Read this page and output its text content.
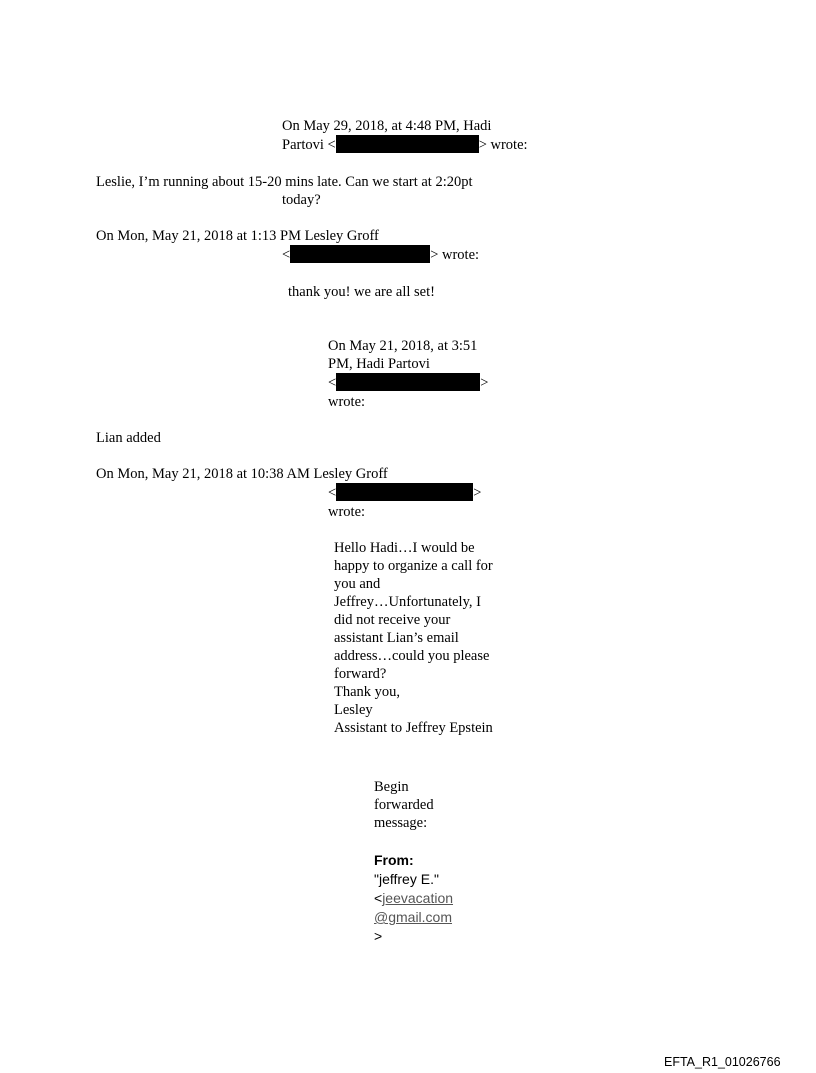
On May 29, 2018, at 4:48 PM, Hadi
Partovi <	> wrote:
Leslie, I’m running about 15-20 mins late. Can we start at 2:20pt
today?
On Mon, May 21, 2018 at 1:13 PM Lesley Groff
<	> wrote:
thank you! we are all set!
On May 21, 2018, at 3:51
PM, Hadi Partovi
<	>
wrote:
Lian added
On Mon, May 21, 2018 at 10:38 AM Lesley Groff
<	>
wrote:
Hello Hadi…I would be
happy to organize a call for
you and
Jeffrey…Unfortunately, I
did not receive your
assistant Lian’s email
address…could you please
forward?
Thank you,
Lesley
Assistant to Jeffrey Epstein
Begin
forwarded
message:
From:
"jeffrey E."
<jeevacation
@gmail.com
>
EFTA_R1_01026766
